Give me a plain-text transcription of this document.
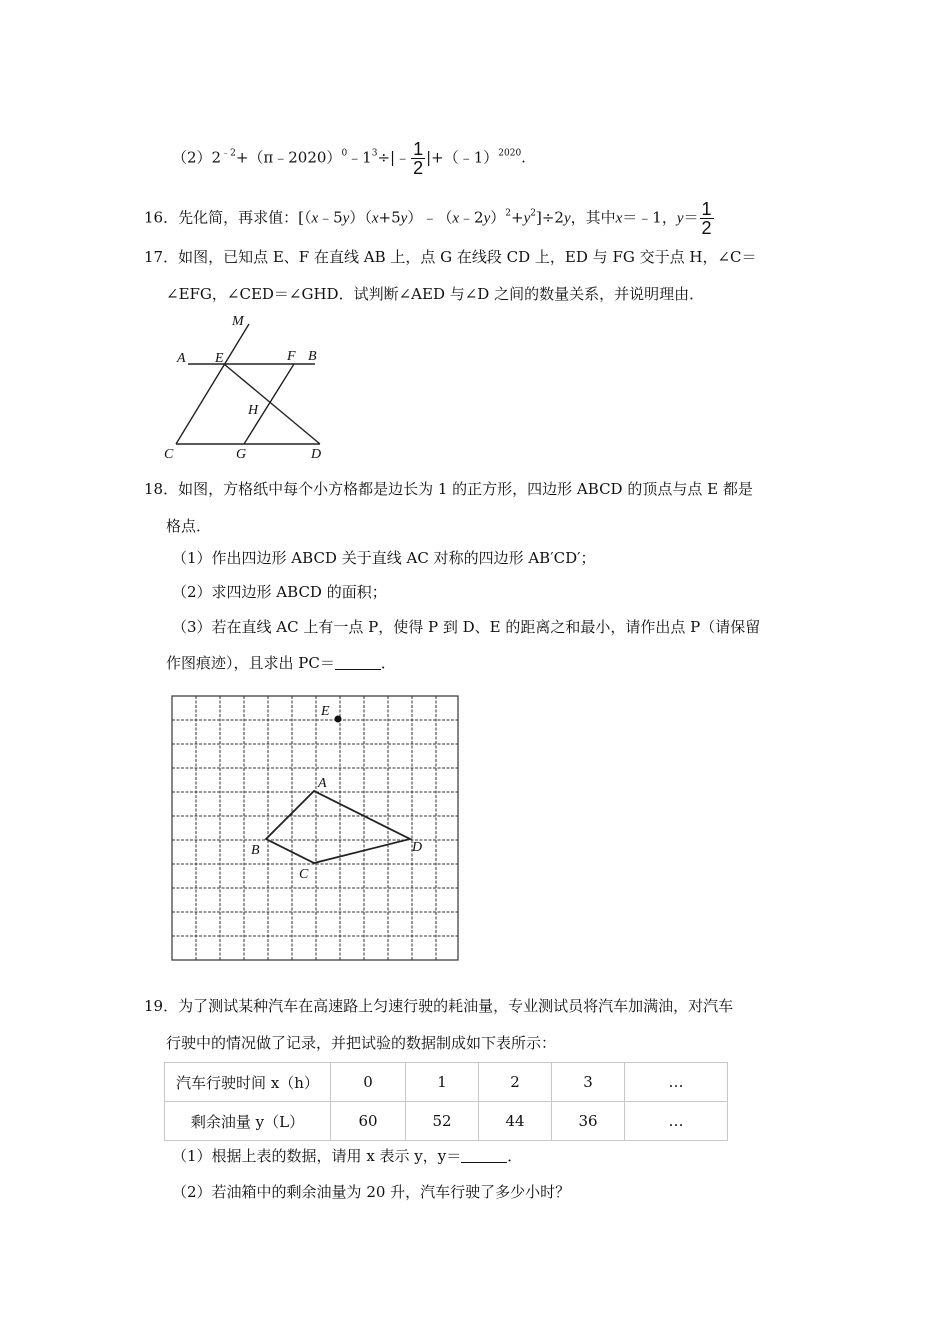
$(2)2^{﹣2}+(\pi﹣2020)^0﹣1^3\div|﹣ \frac{1}{2}$ |+（﹣1）$^{2020}$.
16．先化简，再求值：$[(x﹣5y)(x+5y)﹣(x﹣2y)^2+y^2]\div 2y$，其中x＝﹣1，$y= \frac{1}{2}$
17．如图，已知点 E、F 在直线 AB 上，点 G 在线段 CD 上，ED 与 FG 交于点 H，∠C＝
∠EFG，∠CED＝∠GHD．试判断∠AED 与∠D 之间的数量关系，并说明理由．
M
A E	F B
H
C	G	D
18．如图，方格纸中每个小方格都是边长为 1 的正方形，四边形 ABCD 的顶点与点 E 都是
格点．
（1）作出四边形 ABCD 关于直线 AC 对称的四边形 AB′CD′；
（2）求四边形 ABCD 的面积；
（3）若在直线 AC 上有一点 P，使得 P 到 D、E 的距离之和最小，请作出点 P（请保留
作图痕迹），且求出 PC＝	．
E
A
B
C
D
19．为了测试某种汽车在高速路上匀速行驶的耗油量，专业测试员将汽车加满油，对汽车
行驶中的情况做了记录，并把试验的数据制成如下表所示：
汽车行驶时间 x（h）	0	1	2	3	…
剩余油量 y（L）	60	52	44	36	…
（1）根据上表的数据，请用 x 表示 y，y＝	．
（2）若油箱中的剩余油量为 20 升，汽车行驶了多少小时？
